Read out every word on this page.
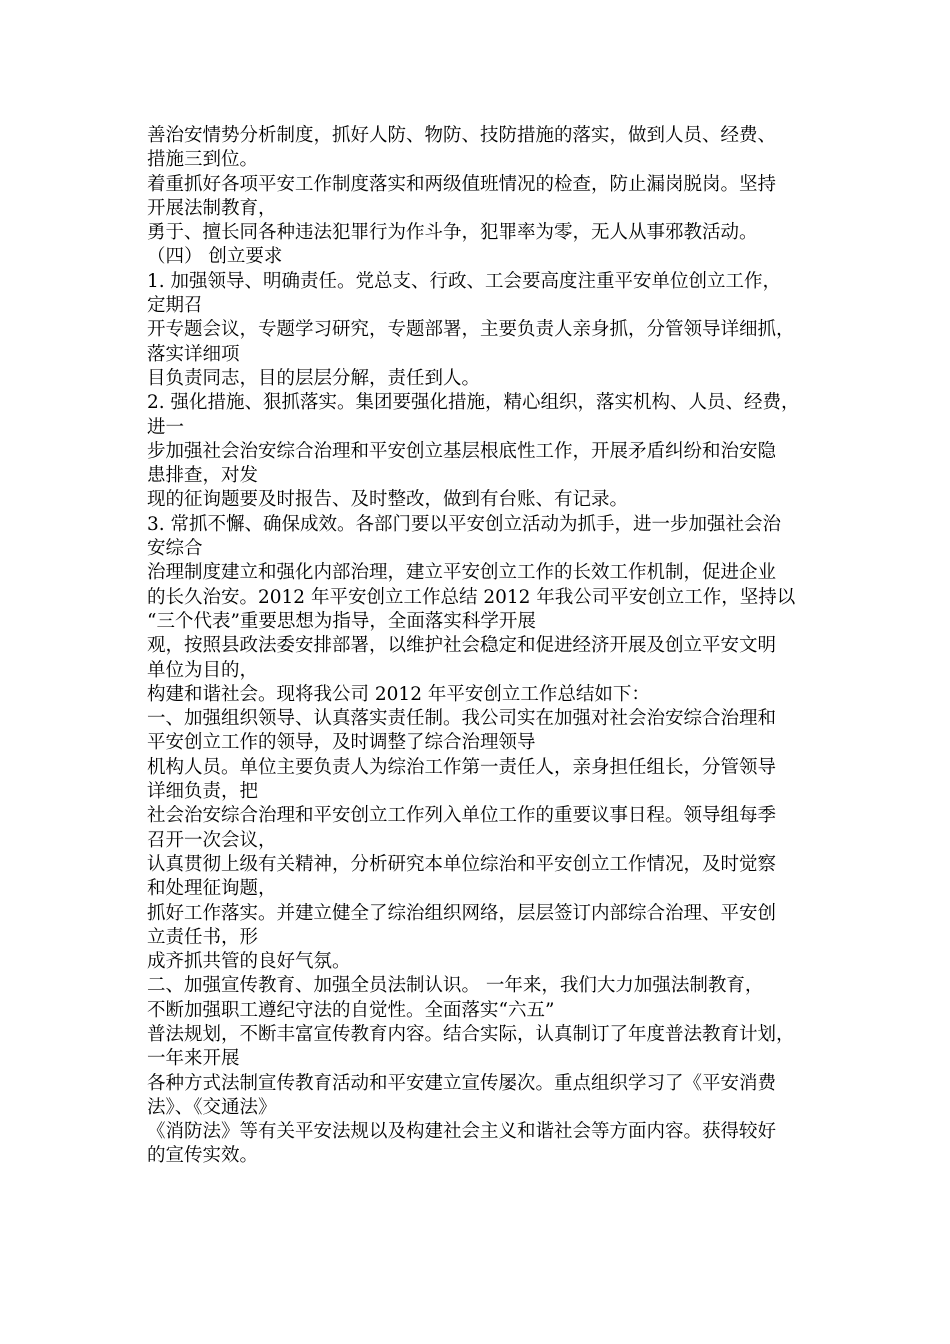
善治安情势分析制度，抓好人防、物防、技防措施的落实，做到人员、经费、
措施三到位。
着重抓好各项平安工作制度落实和两级值班情况的检查，防止漏岗脱岗。坚持
开展法制教育，
勇于、擅长同各种违法犯罪行为作斗争，犯罪率为零，无人从事邪教活动。
（四） 创立要求
1. 加强领导、明确责任。党总支、行政、工会要高度注重平安单位创立工作，
定期召
开专题会议，专题学习研究，专题部署，主要负责人亲身抓，分管领导详细抓，
落实详细项
目负责同志，目的层层分解，责任到人。
2. 强化措施、狠抓落实。集团要强化措施，精心组织，落实机构、人员、经费，
进一
步加强社会治安综合治理和平安创立基层根底性工作，开展矛盾纠纷和治安隐
患排查，对发
现的征询题要及时报告、及时整改，做到有台账、有记录。
3. 常抓不懈、确保成效。各部门要以平安创立活动为抓手，进一步加强社会治
安综合
治理制度建立和强化内部治理，建立平安创立工作的长效工作机制，促进企业
的长久治安。2012 年平安创立工作总结 2012 年我公司平安创立工作，坚持以
“三个代表”重要思想为指导，全面落实科学开展
观，按照县政法委安排部署，以维护社会稳定和促进经济开展及创立平安文明
单位为目的，
构建和谐社会。现将我公司 2012 年平安创立工作总结如下：
一、加强组织领导、认真落实责任制。我公司实在加强对社会治安综合治理和
平安创立工作的领导，及时调整了综合治理领导
机构人员。单位主要负责人为综治工作第一责任人，亲身担任组长，分管领导
详细负责，把
社会治安综合治理和平安创立工作列入单位工作的重要议事日程。领导组每季
召开一次会议，
认真贯彻上级有关精神，分析研究本单位综治和平安创立工作情况，及时觉察
和处理征询题，
抓好工作落实。并建立健全了综治组织网络，层层签订内部综合治理、平安创
立责任书，形
成齐抓共管的良好气氛。
二、加强宣传教育、加强全员法制认识。 一年来，我们大力加强法制教育，
不断加强职工遵纪守法的自觉性。全面落实“六五”
普法规划，不断丰富宣传教育内容。结合实际，认真制订了年度普法教育计划，
一年来开展
各种方式法制宣传教育活动和平安建立宣传屡次。重点组织学习了《平安消费
法》、《交通法》
《消防法》等有关平安法规以及构建社会主义和谐社会等方面内容。获得较好
的宣传实效。
